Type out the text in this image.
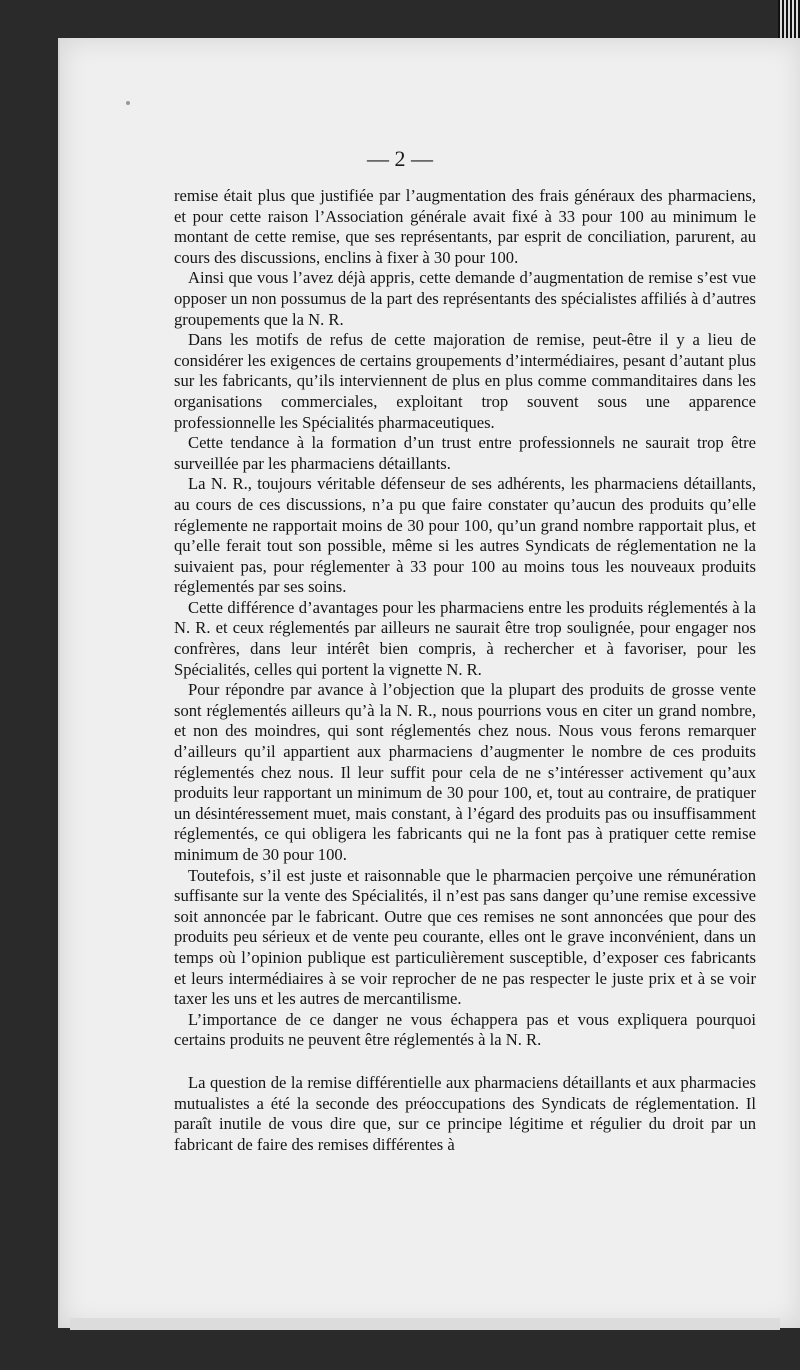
— 2 —

remise était plus que justifiée par l’augmentation des frais généraux des pharmaciens, et pour cette raison l’Association générale avait fixé à 33 pour 100 au minimum le montant de cette remise, que ses représentants, par esprit de conciliation, parurent, au cours des discussions, enclins à fixer à 30 pour 100.

Ainsi que vous l’avez déjà appris, cette demande d’augmentation de remise s’est vue opposer un non possumus de la part des représentants des spécialistes affiliés à d’autres groupements que la N. R.

Dans les motifs de refus de cette majoration de remise, peut-être il y a lieu de considérer les exigences de certains groupements d’intermédiaires, pesant d’autant plus sur les fabricants, qu’ils interviennent de plus en plus comme commanditaires dans les organisations commerciales, exploitant trop souvent sous une apparence professionnelle les Spécialités pharmaceutiques.

Cette tendance à la formation d’un trust entre professionnels ne saurait trop être surveillée par les pharmaciens détaillants.

La N. R., toujours véritable défenseur de ses adhérents, les pharmaciens détaillants, au cours de ces discussions, n’a pu que faire constater qu’aucun des produits qu’elle réglemente ne rapportait moins de 30 pour 100, qu’un grand nombre rapportait plus, et qu’elle ferait tout son possible, même si les autres Syndicats de réglementation ne la suivaient pas, pour réglementer à 33 pour 100 au moins tous les nouveaux produits réglementés par ses soins.

Cette différence d’avantages pour les pharmaciens entre les produits réglementés à la N. R. et ceux réglementés par ailleurs ne saurait être trop soulignée, pour engager nos confrères, dans leur intérêt bien compris, à rechercher et à favoriser, pour les Spécialités, celles qui portent la vignette N. R.

Pour répondre par avance à l’objection que la plupart des produits de grosse vente sont réglementés ailleurs qu’à la N. R., nous pourrions vous en citer un grand nombre, et non des moindres, qui sont réglementés chez nous. Nous vous ferons remarquer d’ailleurs qu’il appartient aux pharmaciens d’augmenter le nombre de ces produits réglementés chez nous. Il leur suffit pour cela de ne s’intéresser activement qu’aux produits leur rapportant un minimum de 30 pour 100, et, tout au contraire, de pratiquer un désintéressement muet, mais constant, à l’égard des produits pas ou insuffisamment réglementés, ce qui obligera les fabricants qui ne la font pas à pratiquer cette remise minimum de 30 pour 100.

Toutefois, s’il est juste et raisonnable que le pharmacien perçoive une rémunération suffisante sur la vente des Spécialités, il n’est pas sans danger qu’une remise excessive soit annoncée par le fabricant. Outre que ces remises ne sont annoncées que pour des produits peu sérieux et de vente peu courante, elles ont le grave inconvénient, dans un temps où l’opinion publique est particulièrement susceptible, d’exposer ces fabricants et leurs intermédiaires à se voir reprocher de ne pas respecter le juste prix et à se voir taxer les uns et les autres de mercantilisme.

L’importance de ce danger ne vous échappera pas et vous expliquera pourquoi certains produits ne peuvent être réglementés à la N. R.

La question de la remise différentielle aux pharmaciens détaillants et aux pharmacies mutualistes a été la seconde des préoccupations des Syndicats de réglementation. Il paraît inutile de vous dire que, sur ce principe légitime et régulier du droit par un fabricant de faire des remises différentes à
